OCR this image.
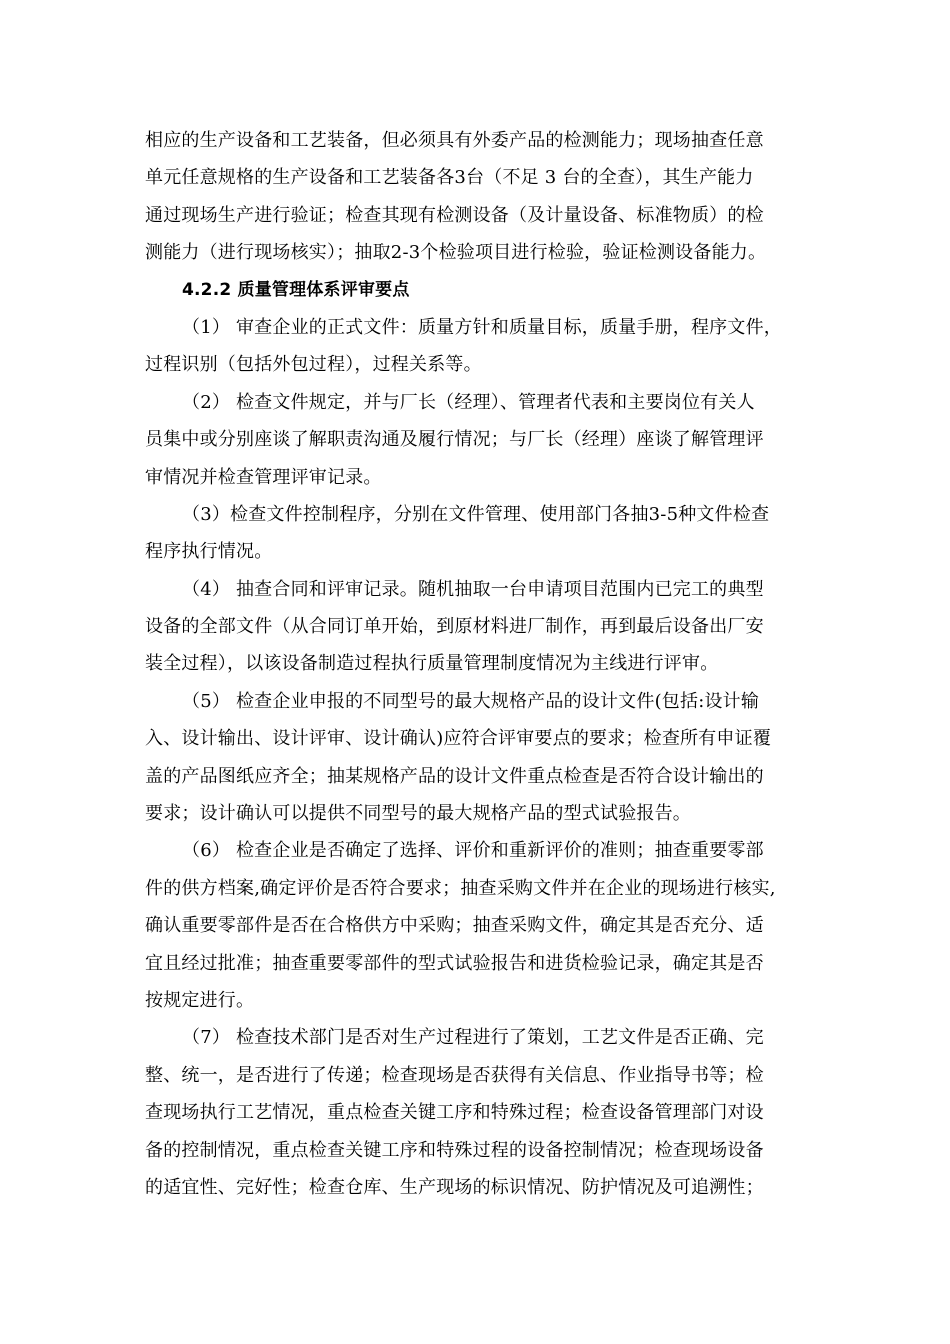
相应的生产设备和工艺装备，但必须具有外委产品的检测能力；现场抽查任意
单元任意规格的生产设备和工艺装备各3台（不足 3 台的全查），其生产能力
通过现场生产进行验证；检查其现有检测设备（及计量设备、标准物质）的检
测能力（进行现场核实）；抽取2-3个检验项目进行检验，验证检测设备能力。
4.2.2 质量管理体系评审要点
（1） 审查企业的正式文件：质量方针和质量目标，质量手册，程序文件，
过程识别（包括外包过程），过程关系等。
（2） 检查文件规定，并与厂长（经理）、管理者代表和主要岗位有关人
员集中或分别座谈了解职责沟通及履行情况；与厂长（经理）座谈了解管理评
审情况并检查管理评审记录。
（3）检查文件控制程序，分别在文件管理、使用部门各抽3-5种文件检查
程序执行情况。
（4） 抽查合同和评审记录。随机抽取一台申请项目范围内已完工的典型
设备的全部文件（从合同订单开始，到原材料进厂制作，再到最后设备出厂安
装全过程），以该设备制造过程执行质量管理制度情况为主线进行评审。
（5） 检查企业申报的不同型号的最大规格产品的设计文件(包括:设计输
入、设计输出、设计评审、设计确认)应符合评审要点的要求；检查所有申证覆
盖的产品图纸应齐全；抽某规格产品的设计文件重点检查是否符合设计输出的
要求；设计确认可以提供不同型号的最大规格产品的型式试验报告。
（6） 检查企业是否确定了选择、评价和重新评价的准则；抽查重要零部
件的供方档案,确定评价是否符合要求；抽查采购文件并在企业的现场进行核实,
确认重要零部件是否在合格供方中采购；抽查采购文件，确定其是否充分、适
宜且经过批准；抽查重要零部件的型式试验报告和进货检验记录，确定其是否
按规定进行。
（7） 检查技术部门是否对生产过程进行了策划，工艺文件是否正确、完
整、统一，是否进行了传递；检查现场是否获得有关信息、作业指导书等；检
查现场执行工艺情况，重点检查关键工序和特殊过程；检查设备管理部门对设
备的控制情况，重点检查关键工序和特殊过程的设备控制情况；检查现场设备
的适宜性、完好性；检查仓库、生产现场的标识情况、防护情况及可追溯性；
